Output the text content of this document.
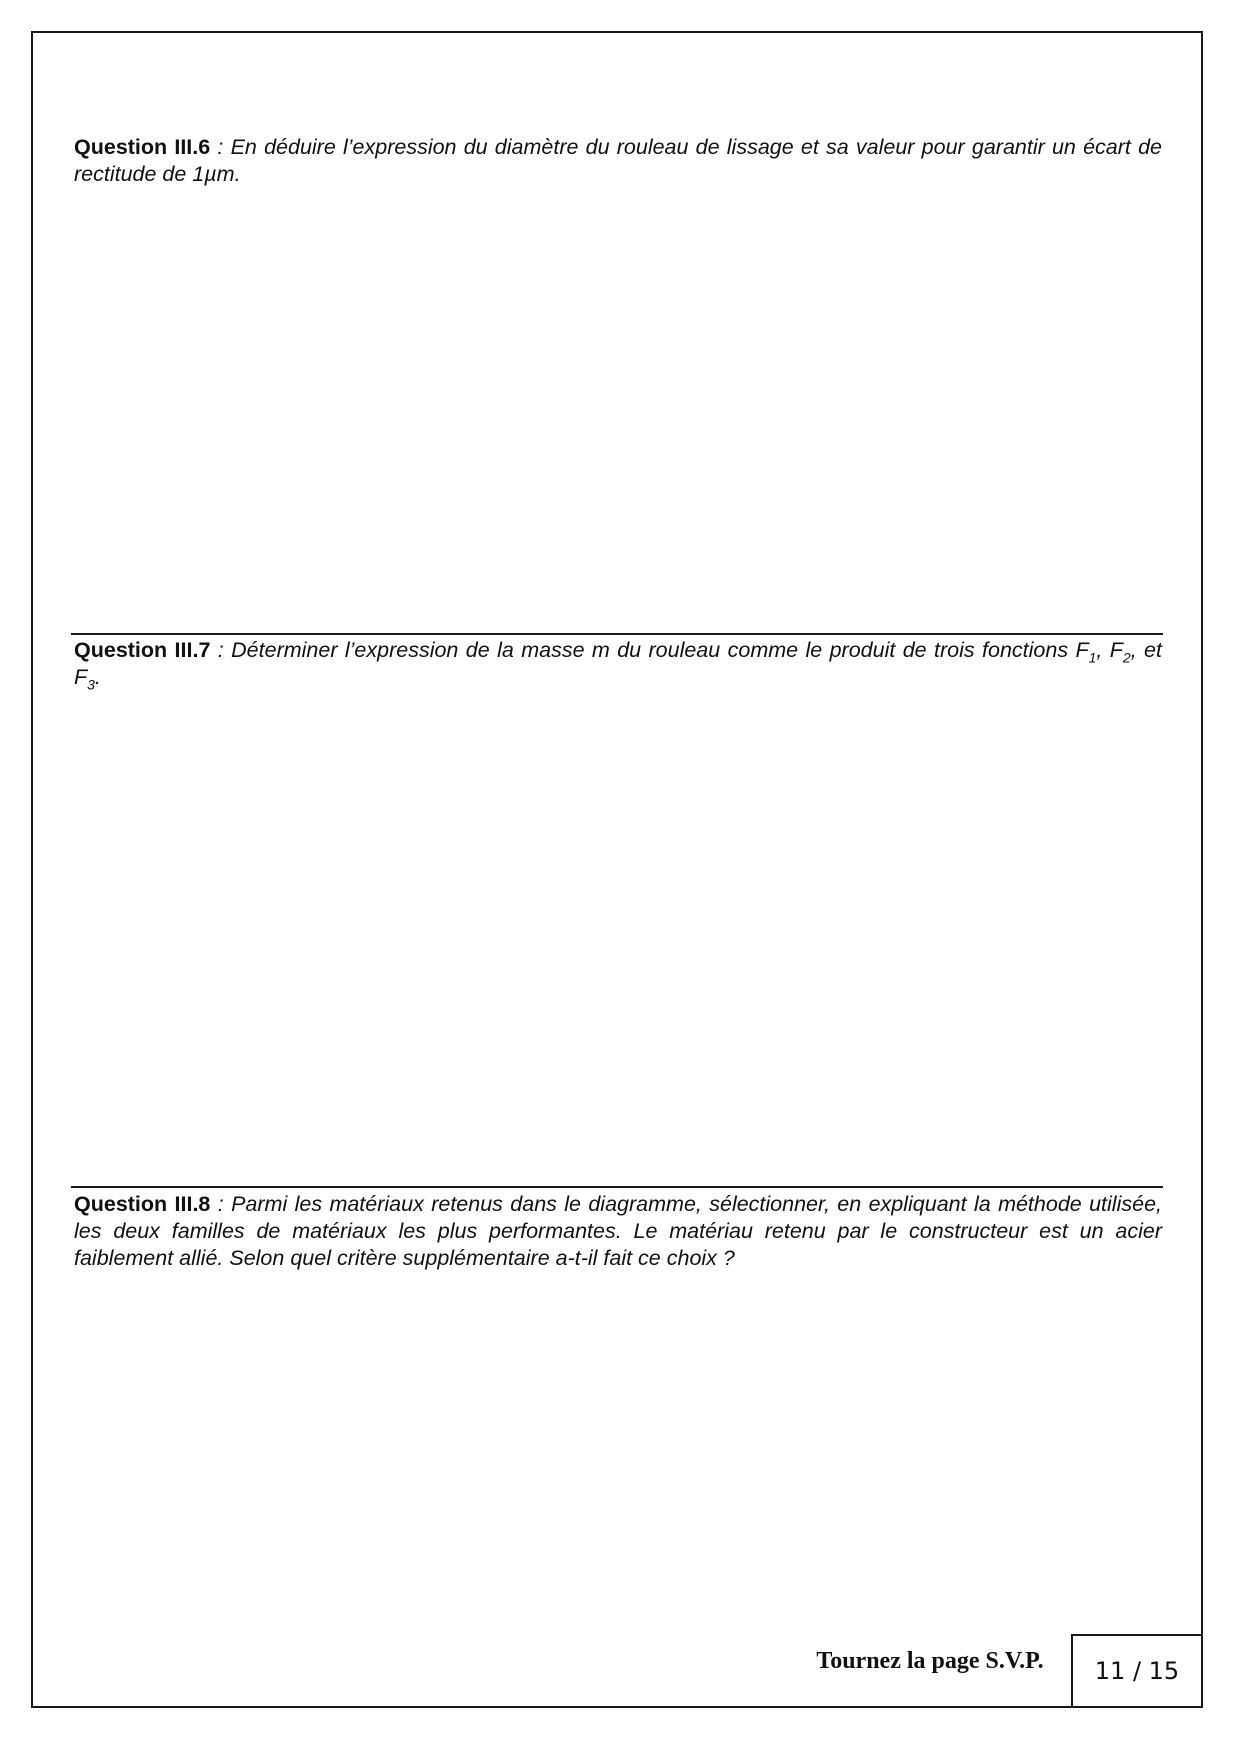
Question III.6 : En déduire l’expression du diamètre du rouleau de lissage et sa valeur pour garantir un écart de rectitude de 1µm.
Question III.7 : Déterminer l’expression de la masse m du rouleau comme le produit de trois fonctions $F_1$, $F_2$, et $F_3$.
Question III.8 : Parmi les matériaux retenus dans le diagramme, sélectionner, en expliquant la méthode utilisée, les deux familles de matériaux les plus performantes. Le matériau retenu par le constructeur est un acier faiblement allié. Selon quel critère supplémentaire a-t-il fait ce choix ?
Tournez la page S.V.P.	11 / 15
